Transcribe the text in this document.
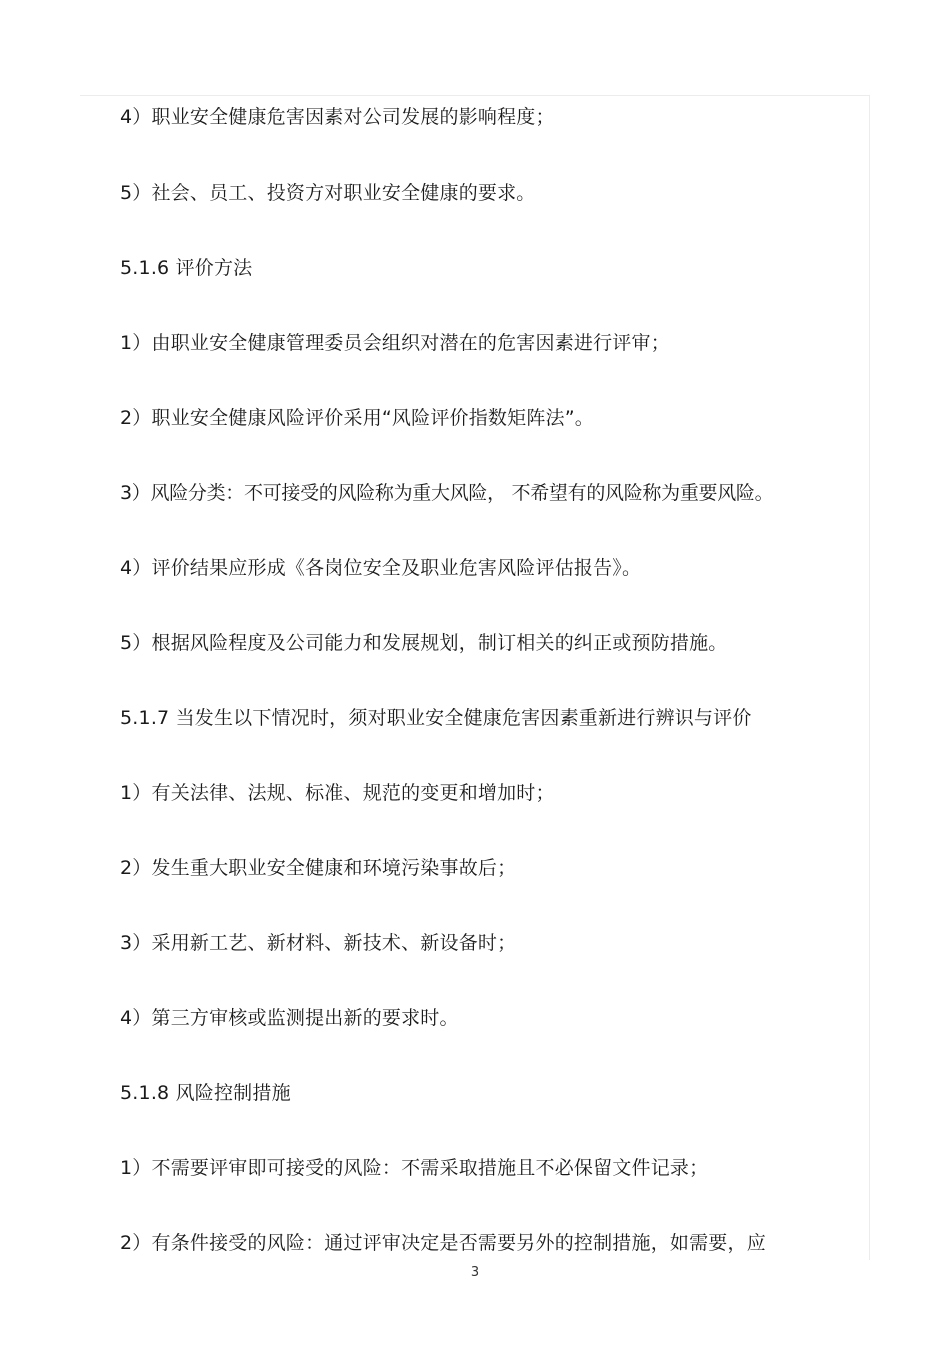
4）职业安全健康危害因素对公司发展的影响程度；
5）社会、员工、投资方对职业安全健康的要求。
5.1.6 评价方法
1）由职业安全健康管理委员会组织对潜在的危害因素进行评审；
2）职业安全健康风险评价采用“风险评价指数矩阵法”。
3）风险分类：不可接受的风险称为重大风险， 不希望有的风险称为重要风险。
4）评价结果应形成《各岗位安全及职业危害风险评估报告》。
5）根据风险程度及公司能力和发展规划，制订相关的纠正或预防措施。
5.1.7 当发生以下情况时，须对职业安全健康危害因素重新进行辨识与评价
1）有关法律、法规、标准、规范的变更和增加时；
2）发生重大职业安全健康和环境污染事故后；
3）采用新工艺、新材料、新技术、新设备时；
4）第三方审核或监测提出新的要求时。
5.1.8 风险控制措施
1）不需要评审即可接受的风险：不需采取措施且不必保留文件记录；
2）有条件接受的风险：通过评审决定是否需要另外的控制措施，如需要，应
3
